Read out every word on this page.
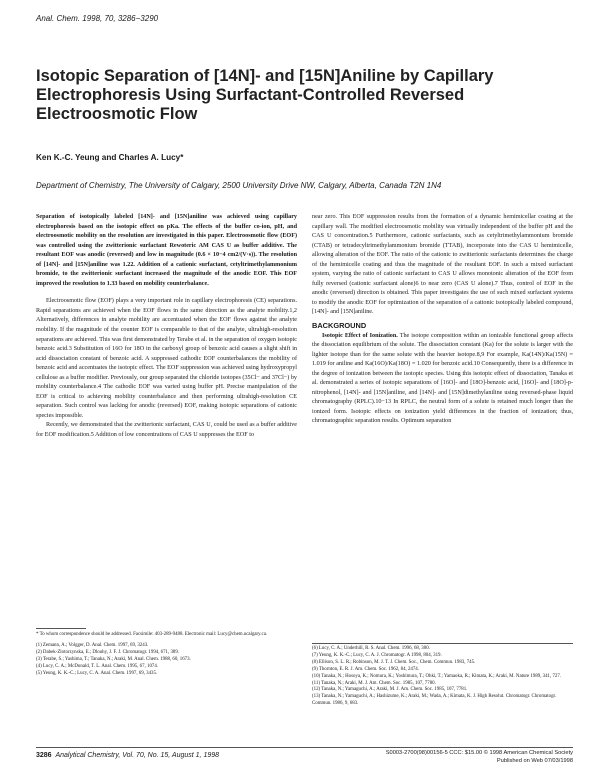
Anal. Chem. 1998, 70, 3286−3290
Isotopic Separation of [14N]- and [15N]Aniline by Capillary Electrophoresis Using Surfactant-Controlled Reversed Electroosmotic Flow
Ken K.-C. Yeung and Charles A. Lucy*
Department of Chemistry, The University of Calgary, 2500 University Drive NW, Calgary, Alberta, Canada T2N 1N4

Separation of isotopically labeled [14N]- and [15N]aniline was achieved using capillary electrophoresis based on the isotopic effect on pKa. The effects of the buffer co-ion, pH, and electroosmotic mobility on the resolution are investigated in this paper. Electroosmotic flow (EOF) was controlled using the zwitterionic surfactant Rewoteric AM CAS U as buffer additive. The resultant EOF was anodic (reversed) and low in magnitude (0.6 × 10−4 cm2/(V·s)). The resolution of [14N]- and [15N]aniline was 1.22. Addition of a cationic surfactant, cetyltrimethylammonium bromide, to the zwitterionic surfactant increased the magnitude of the anodic EOF. This EOF improved the resolution to 1.33 based on mobility counterbalance.

Electroosmotic flow (EOF) plays a very important role in capillary electrophoresis (CE) separations. Rapid separations are achieved when the EOF flows in the same direction as the analyte mobility.1,2 Alternatively, differences in analyte mobility are accentuated when the EOF flows against the analyte mobility. If the magnitude of the counter EOF is comparable to that of the analyte, ultrahigh-resolution separations are achieved. This was first demonstrated by Terabe et al. in the separation of oxygen isotopic benzoic acid.3 Substitution of 16O for 18O in the carboxyl group of benzoic acid causes a slight shift in acid dissociation constant of benzoic acid. A suppressed cathodic EOF counterbalances the mobility of benzoic acid and accentuates the isotopic effect. The EOF suppression was achieved using hydroxypropyl cellulose as a buffer modifier. Previously, our group separated the chloride isotopes (35Cl− and 37Cl−) by mobility counterbalance.4 The cathodic EOF was varied using buffer pH. Precise manipulation of the EOF is critical to achieving mobility counterbalance and then performing ultrahigh-resolution CE separation. Such control was lacking for anodic (reversed) EOF, making isotopic separations of cationic species impossible.

Recently, we demonstrated that the zwitterionic surfactant, CAS U, could be used as a buffer additive for EOF modification.5 Addition of low concentrations of CAS U suppresses the EOF to

* To whom correspondence should be addressed. Facsimile: 403-289-9488. Electronic mail: Lucy@chem.ucalgary.ca.

(1) Zemann, A.; Volgger, D. Anal. Chem. 1997, 69, 3243.
(2) Dabek-Zlotorzynska, E.; Dlouhy, J. F. J. Chromatogr. 1994, 671, 389.
(3) Terabe, S.; Yashima, T.; Tanaka, N.; Araki, M. Anal. Chem. 1988, 60, 1673.
(4) Lucy, C. A.; McDonald, T. L. Anal. Chem. 1995, 67, 1074.
(5) Yeung, K. K.-C.; Lucy, C. A. Anal. Chem. 1997, 69, 3435.

near zero. This EOF suppression results from the formation of a dynamic hemimicellar coating at the capillary wall. The modified electroosmotic mobility was virtually independent of the buffer pH and the CAS U concentration.5 Furthermore, cationic surfactants, such as cetyltrimethylammonium bromide (CTAB) or tetradecyltrimethylammonium bromide (TTAB), incorporate into the CAS U hemimicelle, allowing alteration of the EOF. The ratio of the cationic to zwitterionic surfactants determines the charge of the hemimicelle coating and thus the magnitude of the resultant EOF. In such a mixed surfactant system, varying the ratio of cationic surfactant to CAS U allows monotonic alteration of the EOF from fully reversed (cationic surfactant alone)6 to near zero (CAS U alone).7 Thus, control of EOF in the anodic (reversed) direction is obtained. This paper investigates the use of such mixed surfactant systems to modify the anodic EOF for optimization of the separation of a cationic isotopically labeled compound, [14N]- and [15N]aniline.

BACKGROUND

Isotopic Effect of Ionization. The isotope composition within an ionizable functional group affects the dissociation equilibrium of the solute. The dissociation constant (Ka) for the solute is larger with the lighter isotope than for the same solute with the heavier isotope.8,9 For example, Ka(14N)/Ka(15N) = 1.019 for aniline and Ka(16O)/Ka(18O) = 1.020 for benzoic acid.10 Consequently, there is a difference in the degree of ionization between the isotopic species. Using this isotopic effect of dissociation, Tanaka et al. demonstrated a series of isotopic separations of [16O]- and [18O]-benzoic acid, [16O]- and [18O]-p-nitrophenol, [14N]- and [15N]aniline, and [14N]- and [15N]dimethylaniline using reversed-phase liquid chromatography (RPLC).10−13 In RPLC, the neutral form of a solute is retained much longer than the ionized form. Isotopic effects on ionization yield differences in the fraction of ionization; thus, chromatographic separation results. Optimum separation

(6) Lucy, C. A.; Underhill, R. S. Anal. Chem. 1996, 68, 300.
(7) Yeung, K. K.-C.; Lucy, C. A. J. Chromatogr. A 1998, 804, 319.
(8) Ellison, S. L. R.; Robinson, M. J. T. J. Chem. Soc., Chem. Commun. 1983, 745.
(9) Thornton, E. R. J. Am. Chem. Soc. 1962, 84, 2474.
(10) Tanaka, N.; Hosoya, K.; Nomura, K.; Yoshimura, T.; Ohki, T.; Yamaoka, R.; Kimata, K.; Araki, M. Nature 1989, 341, 727.
(11) Tanaka, N.; Araki, M. J. Am. Chem. Soc. 1985, 107, 7780.
(12) Tanaka, N.; Yamaguchi, A.; Araki, M. J. Am. Chem. Soc. 1985, 107, 7781.
(13) Tanaka, N.; Yamaguchi, A.; Hashizume, K.; Araki, M.; Wada, A.; Kimata, K. J. High Resolut. Chromatogr. Chromatogr. Commun. 1986, 9, 683.
3286 Analytical Chemistry, Vol. 70, No. 15, August 1, 1998	S0003-2700(98)00156-5 CCC: $15.00 © 1998 American Chemical Society
Published on Web 07/03/1998
